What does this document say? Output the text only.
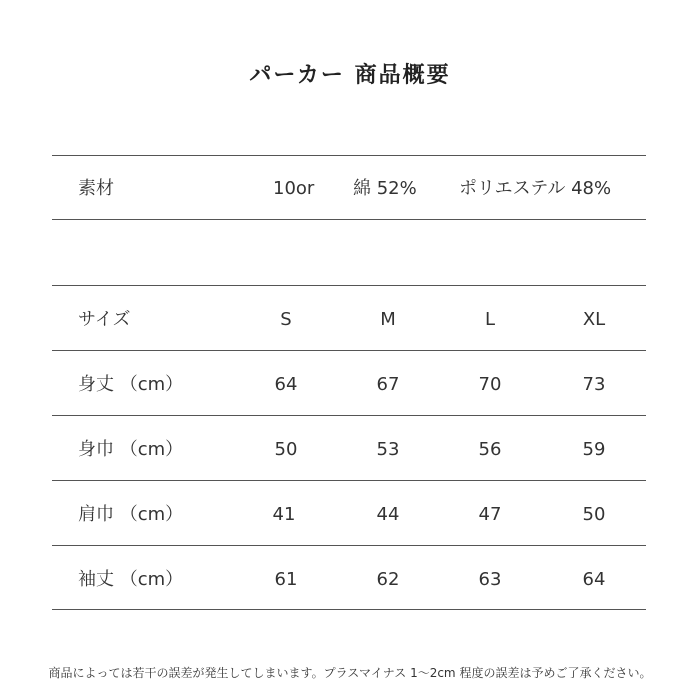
パーカー 商品概要
素材	10or 綿 52% ポリエステル 48%
サイズ	S	M	L	XL
身丈 （cm）	64	67	70	73
身巾 （cm）	50	53	56	59
肩巾 （cm）	41	44	47	50
袖丈 （cm）	61	62	63	64
商品によっては若干の誤差が発生してしまいます。プラスマイナス 1〜2cm 程度の誤差は予めご了承ください。
